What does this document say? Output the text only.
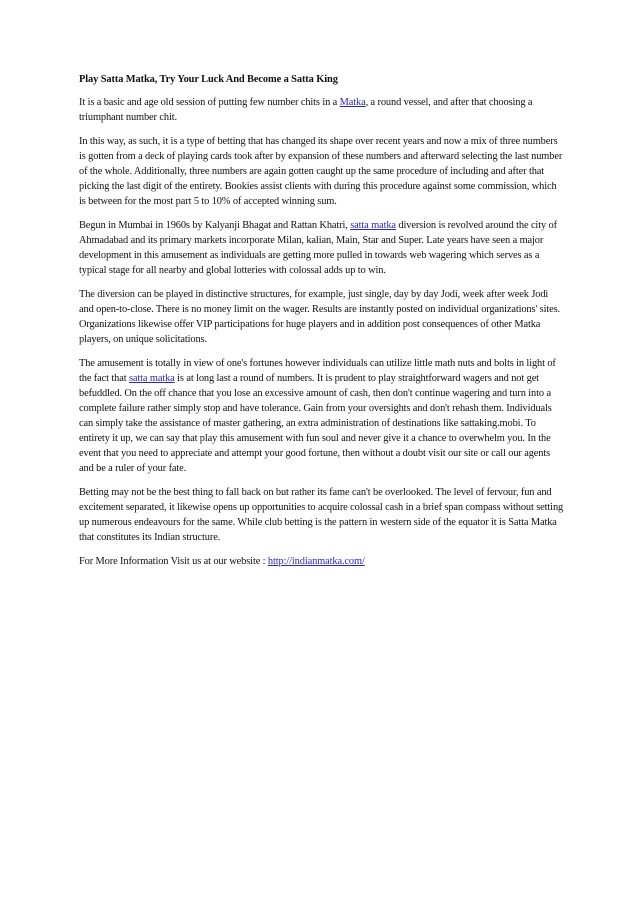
Play Satta Matka, Try Your Luck And Become a Satta King

It is a basic and age old session of putting few number chits in a Matka, a round vessel, and after that choosing a triumphant number chit.

In this way, as such, it is a type of betting that has changed its shape over recent years and now a mix of three numbers is gotten from a deck of playing cards took after by expansion of these numbers and afterward selecting the last number of the whole. Additionally, three numbers are again gotten caught up the same procedure of including and after that picking the last digit of the entirety. Bookies assist clients with during this procedure against some commission, which is between for the most part 5 to 10% of accepted winning sum.

Begun in Mumbai in 1960s by Kalyanji Bhagat and Rattan Khatri, satta matka diversion is revolved around the city of Ahmadabad and its primary markets incorporate Milan, kalian, Main, Star and Super. Late years have seen a major development in this amusement as individuals are getting more pulled in towards web wagering which serves as a typical stage for all nearby and global lotteries with colossal adds up to win.

The diversion can be played in distinctive structures, for example, just single, day by day Jodi, week after week Jodi and open-to-close. There is no money limit on the wager. Results are instantly posted on individual organizations' sites. Organizations likewise offer VIP participations for huge players and in addition post consequences of other Matka players, on unique solicitations.

The amusement is totally in view of one's fortunes however individuals can utilize little math nuts and bolts in light of the fact that satta matka is at long last a round of numbers. It is prudent to play straightforward wagers and not get befuddled. On the off chance that you lose an excessive amount of cash, then don't continue wagering and turn into a complete failure rather simply stop and have tolerance. Gain from your oversights and don't rehash them. Individuals can simply take the assistance of master gathering, an extra administration of destinations like sattaking.mobi. To entirety it up, we can say that play this amusement with fun soul and never give it a chance to overwhelm you. In the event that you need to appreciate and attempt your good fortune, then without a doubt visit our site or call our agents and be a ruler of your fate.

Betting may not be the best thing to fall back on but rather its fame can't be overlooked. The level of fervour, fun and excitement separated, it likewise opens up opportunities to acquire colossal cash in a brief span compass without setting up numerous endeavours for the same. While club betting is the pattern in western side of the equator it is Satta Matka that constitutes its Indian structure.

For More Information Visit us at our website : http://indianmatka.com/
